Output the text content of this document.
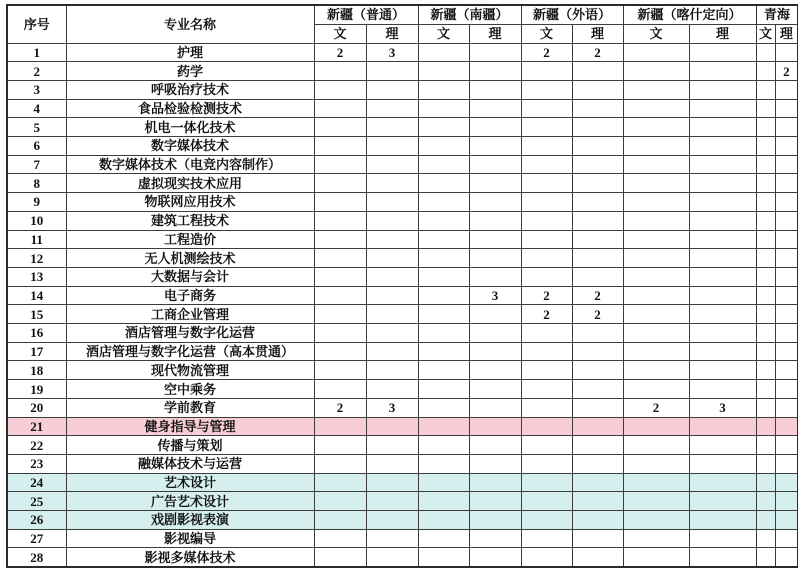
序号	专业名称	新疆（普通）		新疆（南疆）		新疆（外语）		新疆（喀什定向）		青海	
		文	理	文	理	文	理	文	理	文	理
1	护理	2	3			2	2				
2	药学										2
3	呼吸治疗技术										
4	食品检验检测技术										
5	机电一体化技术										
6	数字媒体技术										
7	数字媒体技术（电竞内容制作）										
8	虚拟现实技术应用										
9	物联网应用技术										
10	建筑工程技术										
11	工程造价										
12	无人机测绘技术										
13	大数据与会计										
14	电子商务				3	2	2				
15	工商企业管理					2	2				
16	酒店管理与数字化运营										
17	酒店管理与数字化运营（高本贯通）										
18	现代物流管理										
19	空中乘务										
20	学前教育	2	3					2	3		
21	健身指导与管理										
22	传播与策划										
23	融媒体技术与运营										
24	艺术设计										
25	广告艺术设计										
26	戏剧影视表演										
27	影视编导										
28	影视多媒体技术										
